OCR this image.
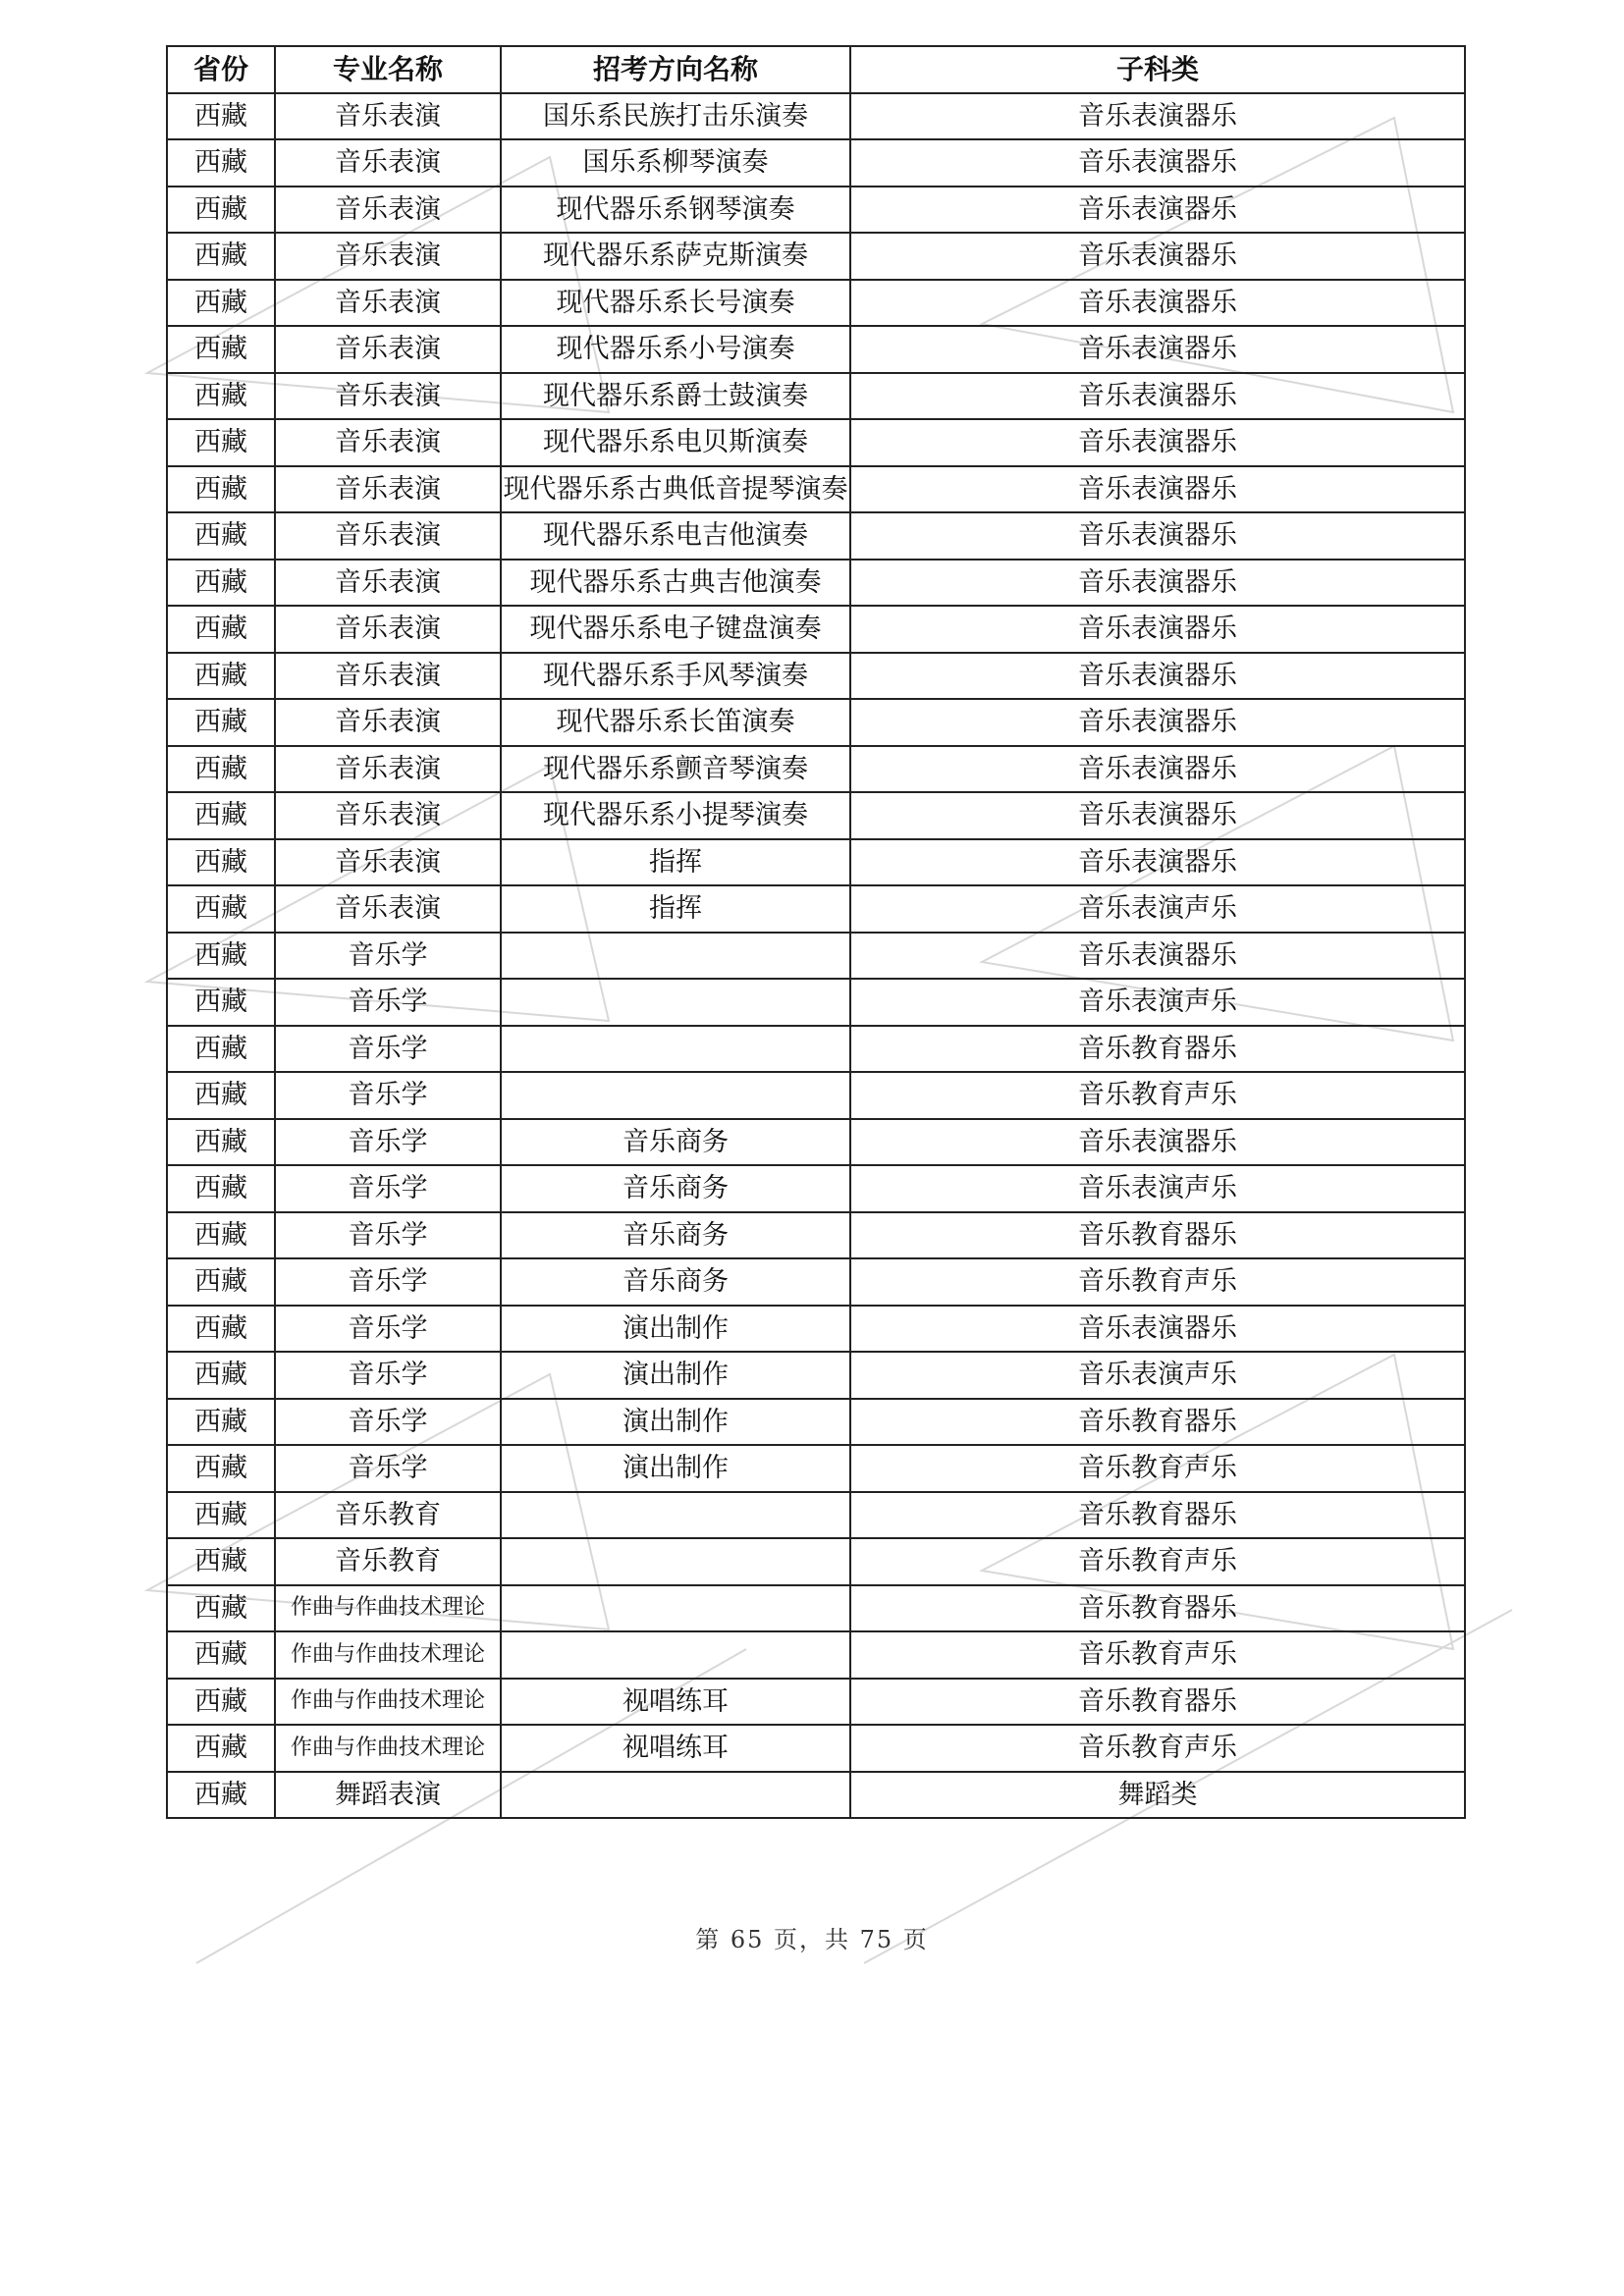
省份	专业名称	招考方向名称	子科类
西藏	音乐表演	国乐系民族打击乐演奏	音乐表演器乐
西藏	音乐表演	国乐系柳琴演奏	音乐表演器乐
西藏	音乐表演	现代器乐系钢琴演奏	音乐表演器乐
西藏	音乐表演	现代器乐系萨克斯演奏	音乐表演器乐
西藏	音乐表演	现代器乐系长号演奏	音乐表演器乐
西藏	音乐表演	现代器乐系小号演奏	音乐表演器乐
西藏	音乐表演	现代器乐系爵士鼓演奏	音乐表演器乐
西藏	音乐表演	现代器乐系电贝斯演奏	音乐表演器乐
西藏	音乐表演	现代器乐系古典低音提琴演奏	音乐表演器乐
西藏	音乐表演	现代器乐系电吉他演奏	音乐表演器乐
西藏	音乐表演	现代器乐系古典吉他演奏	音乐表演器乐
西藏	音乐表演	现代器乐系电子键盘演奏	音乐表演器乐
西藏	音乐表演	现代器乐系手风琴演奏	音乐表演器乐
西藏	音乐表演	现代器乐系长笛演奏	音乐表演器乐
西藏	音乐表演	现代器乐系颤音琴演奏	音乐表演器乐
西藏	音乐表演	现代器乐系小提琴演奏	音乐表演器乐
西藏	音乐表演	指挥	音乐表演器乐
西藏	音乐表演	指挥	音乐表演声乐
西藏	音乐学		音乐表演器乐
西藏	音乐学		音乐表演声乐
西藏	音乐学		音乐教育器乐
西藏	音乐学		音乐教育声乐
西藏	音乐学	音乐商务	音乐表演器乐
西藏	音乐学	音乐商务	音乐表演声乐
西藏	音乐学	音乐商务	音乐教育器乐
西藏	音乐学	音乐商务	音乐教育声乐
西藏	音乐学	演出制作	音乐表演器乐
西藏	音乐学	演出制作	音乐表演声乐
西藏	音乐学	演出制作	音乐教育器乐
西藏	音乐学	演出制作	音乐教育声乐
西藏	音乐教育		音乐教育器乐
西藏	音乐教育		音乐教育声乐
西藏	作曲与作曲技术理论		音乐教育器乐
西藏	作曲与作曲技术理论		音乐教育声乐
西藏	作曲与作曲技术理论	视唱练耳	音乐教育器乐
西藏	作曲与作曲技术理论	视唱练耳	音乐教育声乐
西藏	舞蹈表演		舞蹈类
第 65 页，共 75 页
